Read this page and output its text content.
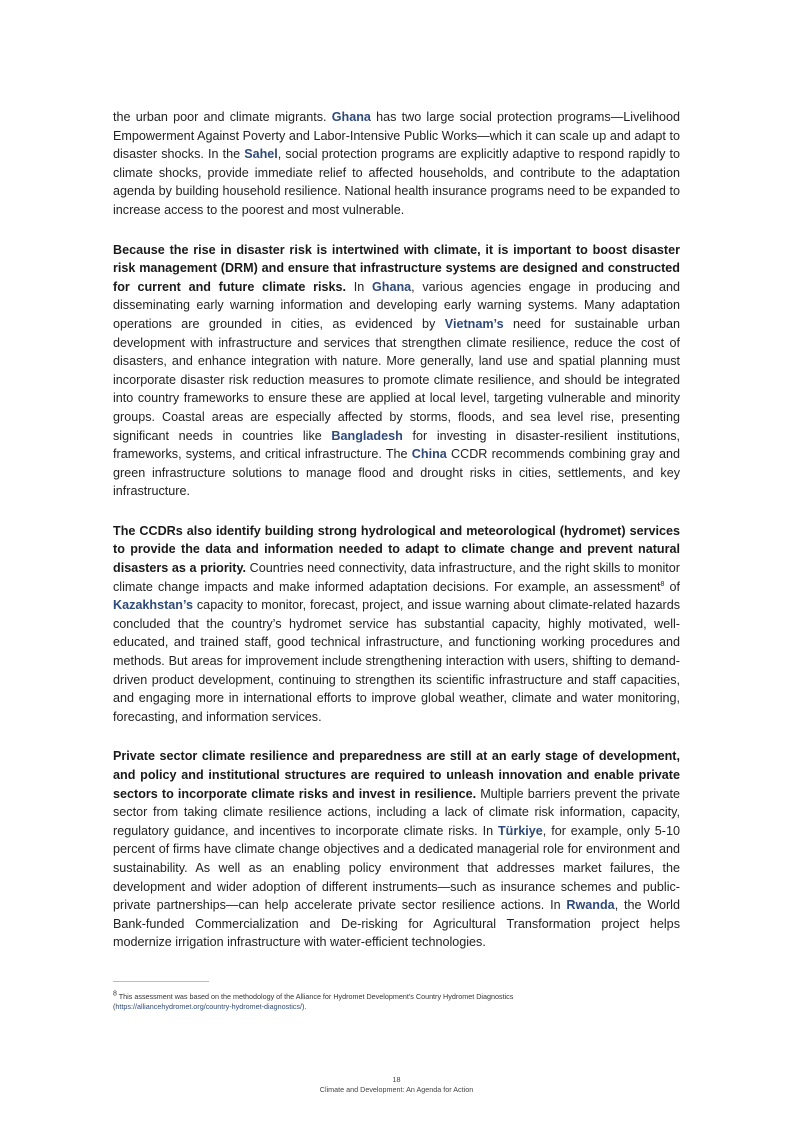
the urban poor and climate migrants. Ghana has two large social protection programs—Livelihood Empowerment Against Poverty and Labor-Intensive Public Works—which it can scale up and adapt to disaster shocks. In the Sahel, social protection programs are explicitly adaptive to respond rapidly to climate shocks, provide immediate relief to affected households, and contribute to the adaptation agenda by building household resilience. National health insurance programs need to be expanded to increase access to the poorest and most vulnerable.

Because the rise in disaster risk is intertwined with climate, it is important to boost disaster risk management (DRM) and ensure that infrastructure systems are designed and constructed for current and future climate risks. In Ghana, various agencies engage in producing and disseminating early warning information and developing early warning systems. Many adaptation operations are grounded in cities, as evidenced by Vietnam’s need for sustainable urban development with infrastructure and services that strengthen climate resilience, reduce the cost of disasters, and enhance integration with nature. More generally, land use and spatial planning must incorporate disaster risk reduction measures to promote climate resilience, and should be integrated into country frameworks to ensure these are applied at local level, targeting vulnerable and minority groups. Coastal areas are especially affected by storms, floods, and sea level rise, presenting significant needs in countries like Bangladesh for investing in disaster-resilient institutions, frameworks, systems, and critical infrastructure. The China CCDR recommends combining gray and green infrastructure solutions to manage flood and drought risks in cities, settlements, and key infrastructure.

The CCDRs also identify building strong hydrological and meteorological (hydromet) services to provide the data and information needed to adapt to climate change and prevent natural disasters as a priority. Countries need connectivity, data infrastructure, and the right skills to monitor climate change impacts and make informed adaptation decisions. For example, an assessment$^8$ of Kazakhstan’s capacity to monitor, forecast, project, and issue warning about climate-related hazards concluded that the country’s hydromet service has substantial capacity, highly motivated, well-educated, and trained staff, good technical infrastructure, and functioning working procedures and methods. But areas for improvement include strengthening interaction with users, shifting to demand-driven product development, continuing to strengthen its scientific infrastructure and staff capacities, and engaging more in international efforts to improve global weather, climate and water monitoring, forecasting, and information services.

Private sector climate resilience and preparedness are still at an early stage of development, and policy and institutional structures are required to unleash innovation and enable private sectors to incorporate climate risks and invest in resilience. Multiple barriers prevent the private sector from taking climate resilience actions, including a lack of climate risk information, capacity, regulatory guidance, and incentives to incorporate climate risks. In Türkiye, for example, only 5-10 percent of firms have climate change objectives and a dedicated managerial role for environment and sustainability. As well as an enabling policy environment that addresses market failures, the development and wider adoption of different instruments—such as insurance schemes and public-private partnerships—can help accelerate private sector resilience actions. In Rwanda, the World Bank-funded Commercialization and De-risking for Agricultural Transformation project helps modernize irrigation infrastructure with water-efficient technologies.

$^8$ This assessment was based on the methodology of the Alliance for Hydromet Development’s Country Hydromet Diagnostics
(https://alliancehydromet.org/country-hydromet-diagnostics/).
18
Climate and Development: An Agenda for Action
